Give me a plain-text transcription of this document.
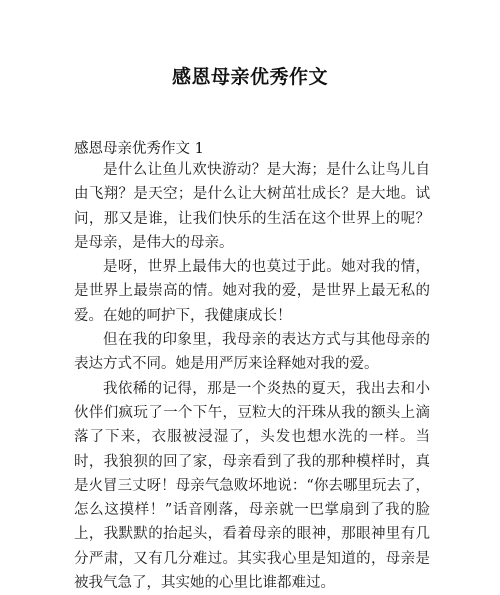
感恩母亲优秀作文
感恩母亲优秀作文 1

是什么让鱼儿欢快游动？是大海；是什么让鸟儿自由飞翔？是天空；是什么让大树茁壮成长？是大地。试问，那又是谁，让我们快乐的生活在这个世界上的呢？是母亲，是伟大的母亲。

是呀，世界上最伟大的也莫过于此。她对我的情，是世界上最崇高的情。她对我的爱，是世界上最无私的爱。在她的呵护下，我健康成长！

但在我的印象里，我母亲的表达方式与其他母亲的表达方式不同。她是用严厉来诠释她对我的爱。

我依稀的记得，那是一个炎热的夏天，我出去和小伙伴们疯玩了一个下午，豆粒大的汗珠从我的额头上滴落了下来，衣服被浸湿了，头发也想水洗的一样。当时，我狼狈的回了家，母亲看到了我的那种模样时，真是火冒三丈呀！母亲气急败坏地说：“你去哪里玩去了，怎么这摸样！”话音刚落，母亲就一巴掌扇到了我的脸上，我默默的抬起头，看着母亲的眼神，那眼神里有几分严肃，又有几分难过。其实我心里是知道的，母亲是被我气急了，其实她的心里比谁都难过。
